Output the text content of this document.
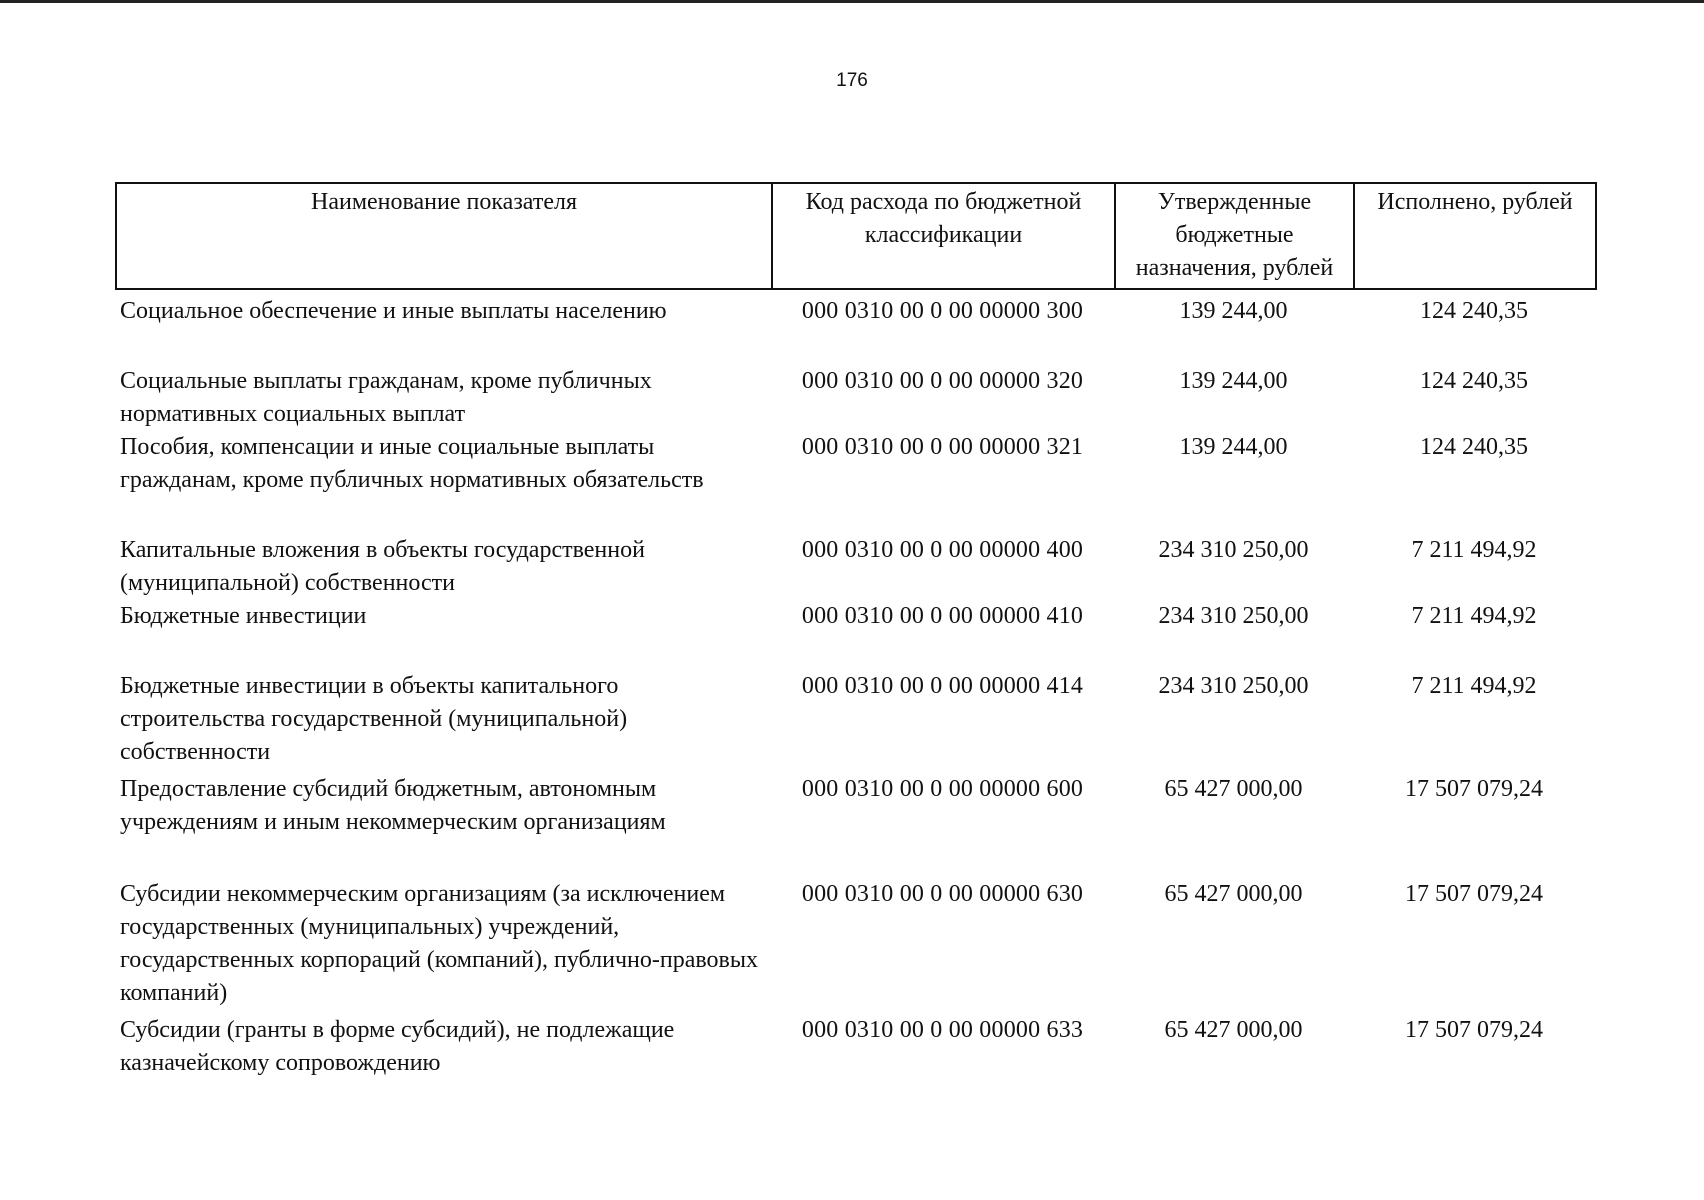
176
Наименование показателя	Код расхода по бюджетной классификации	Утвержденные бюджетные назначения, рублей	Исполнено, рублей
Социальное обеспечение и иные выплаты населению	000 0310 00 0 00 00000 300	139 244,00	124 240,35
Социальные выплаты гражданам, кроме публичных нормативных социальных выплат	000 0310 00 0 00 00000 320	139 244,00	124 240,35
Пособия, компенсации и иные социальные выплаты гражданам, кроме публичных нормативных обязательств	000 0310 00 0 00 00000 321	139 244,00	124 240,35
Капитальные вложения в объекты государственной (муниципальной) собственности	000 0310 00 0 00 00000 400	234 310 250,00	7 211 494,92
Бюджетные инвестиции	000 0310 00 0 00 00000 410	234 310 250,00	7 211 494,92
Бюджетные инвестиции в объекты капитального строительства государственной (муниципальной) собственности	000 0310 00 0 00 00000 414	234 310 250,00	7 211 494,92
Предоставление субсидий бюджетным, автономным учреждениям и иным некоммерческим организациям	000 0310 00 0 00 00000 600	65 427 000,00	17 507 079,24
Субсидии некоммерческим организациям (за исключением государственных (муниципальных) учреждений, государственных корпораций (компаний), публично-правовых компаний)	000 0310 00 0 00 00000 630	65 427 000,00	17 507 079,24
Субсидии (гранты в форме субсидий), не подлежащие казначейскому сопровождению	000 0310 00 0 00 00000 633	65 427 000,00	17 507 079,24
